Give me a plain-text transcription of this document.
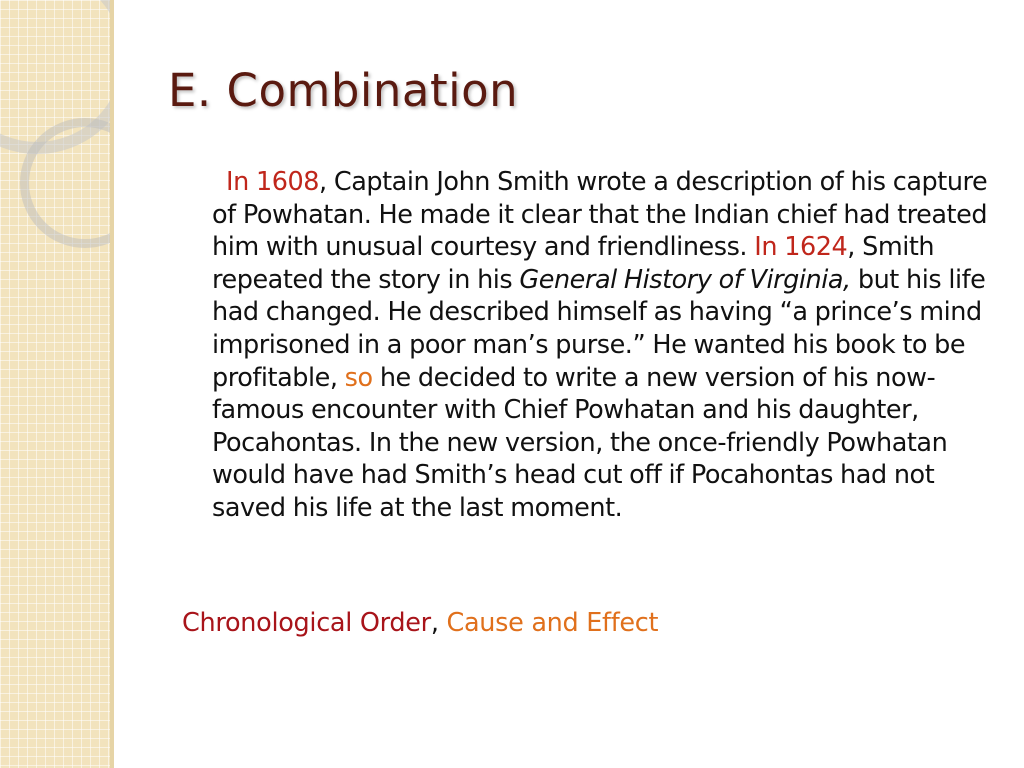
E. Combination

In 1608, Captain John Smith wrote a description of his capture of Powhatan. He made it clear that the Indian chief had treated him with unusual courtesy and friendliness. In 1624, Smith repeated the story in his General History of Virginia, but his life had changed. He described himself as having “a prince’s mind imprisoned in a poor man’s purse.” He wanted his book to be profitable, so he decided to write a new version of his now-famous encounter with Chief Powhatan and his daughter, Pocahontas. In the new version, the once-friendly Powhatan would have had Smith’s head cut off if Pocahontas had not saved his life at the last moment.

Chronological Order, Cause and Effect
